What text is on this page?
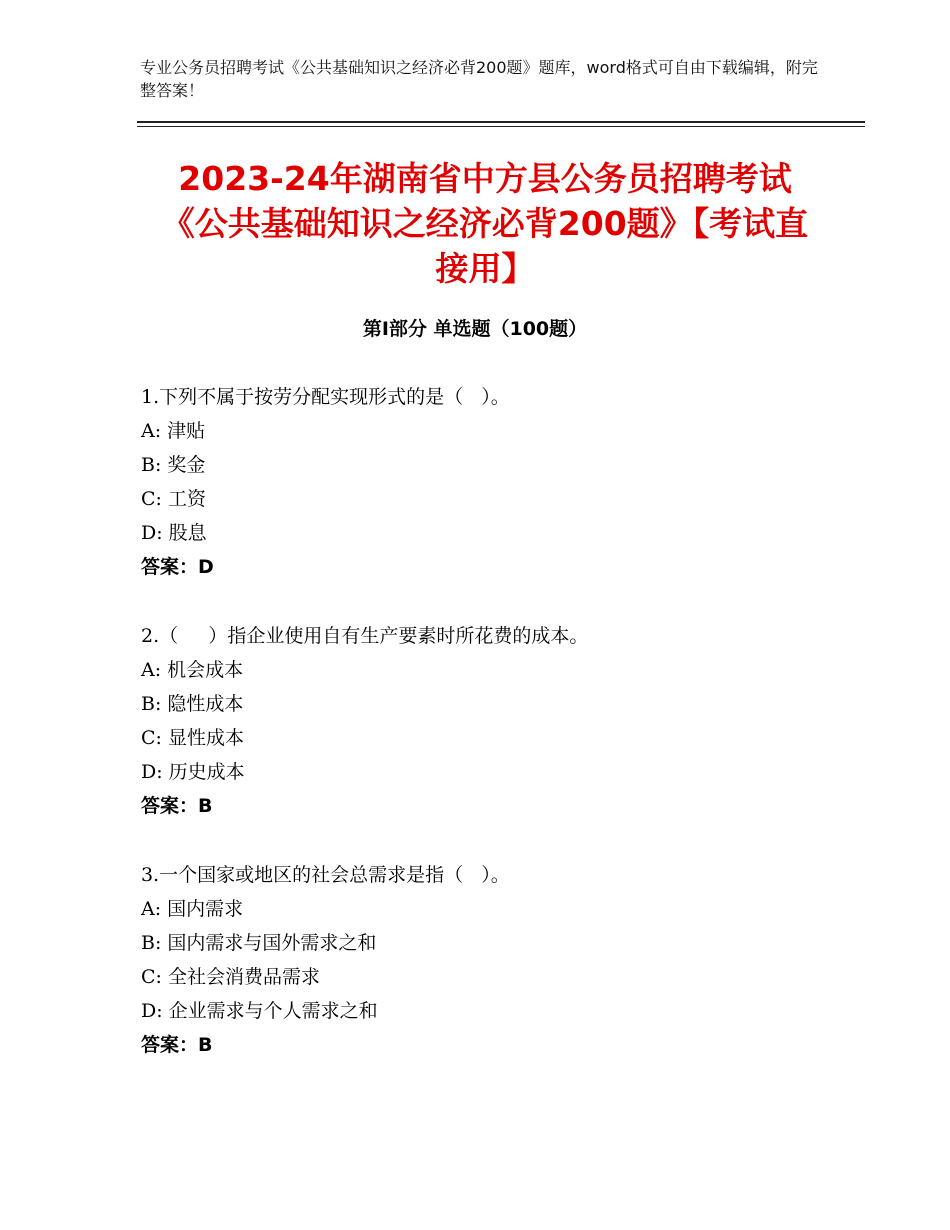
专业公务员招聘考试《公共基础知识之经济必背200题》题库，word格式可自由下载编辑，附完整答案！
2023-24年湖南省中方县公务员招聘考试《公共基础知识之经济必背200题》【考试直接用】
第Ⅰ部分 单选题（100题）
1.下列不属于按劳分配实现形式的是（   ）。
A: 津贴
B: 奖金
C: 工资
D: 股息
答案：D
2.（     ）指企业使用自有生产要素时所花费的成本。
A: 机会成本
B: 隐性成本
C: 显性成本
D: 历史成本
答案：B
3.一个国家或地区的社会总需求是指（   ）。
A: 国内需求
B: 国内需求与国外需求之和
C: 全社会消费品需求
D: 企业需求与个人需求之和
答案：B
